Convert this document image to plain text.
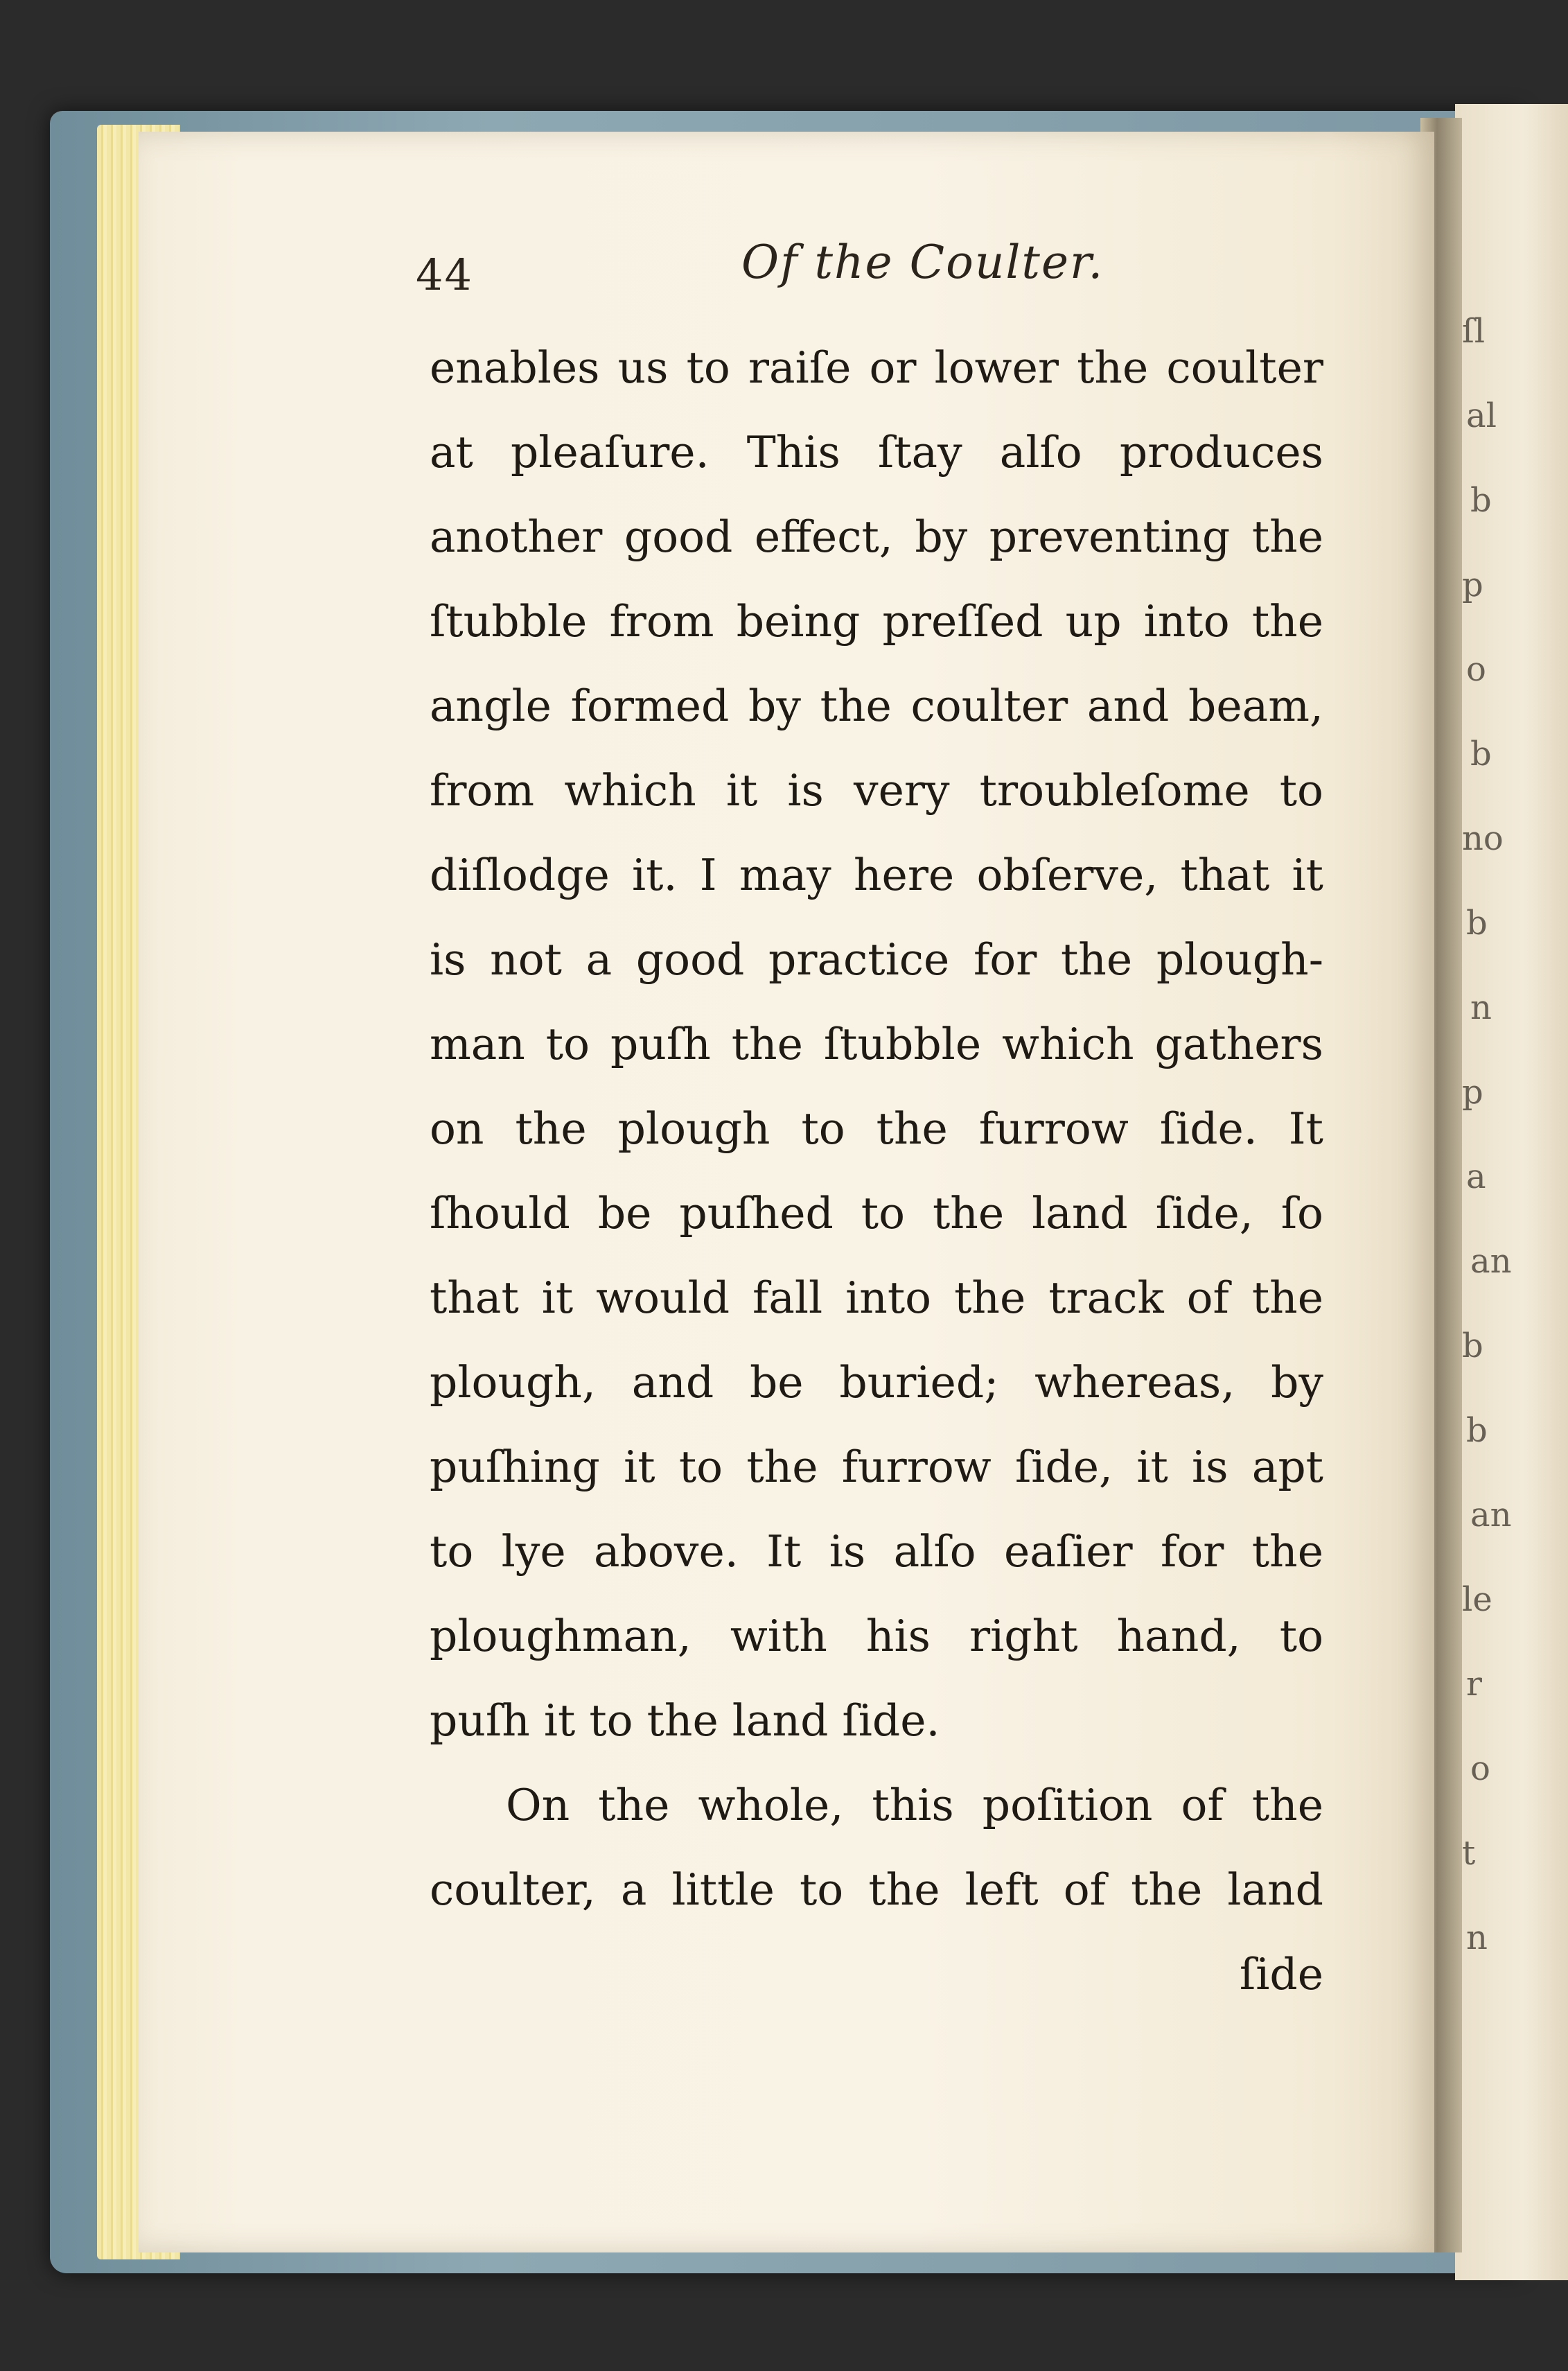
ſl
al
b
p
o
b
no
b
n
p
a
an
b
b
an
le
r
o
t
n
44	Of the Coulter.
enables us to raiſe or lower the coulter
at pleaſure. This ſtay alſo produces
another good effect, by preventing the
ſtubble from being preſſed up into the
angle formed by the coulter and beam,
from which it is very troubleſome to
diſlodge it. I may here obſerve, that it
is not a good practice for the plough-
man to puſh the ſtubble which gathers
on the plough to the furrow ſide. It
ſhould be puſhed to the land ſide, ſo
that it would fall into the track of the
plough, and be buried; whereas, by
puſhing it to the furrow ſide, it is apt
to lye above. It is alſo eaſier for the
ploughman, with his right hand, to
puſh it to the land ſide.
On the whole, this poſition of the
coulter, a little to the left of the land
ſide
